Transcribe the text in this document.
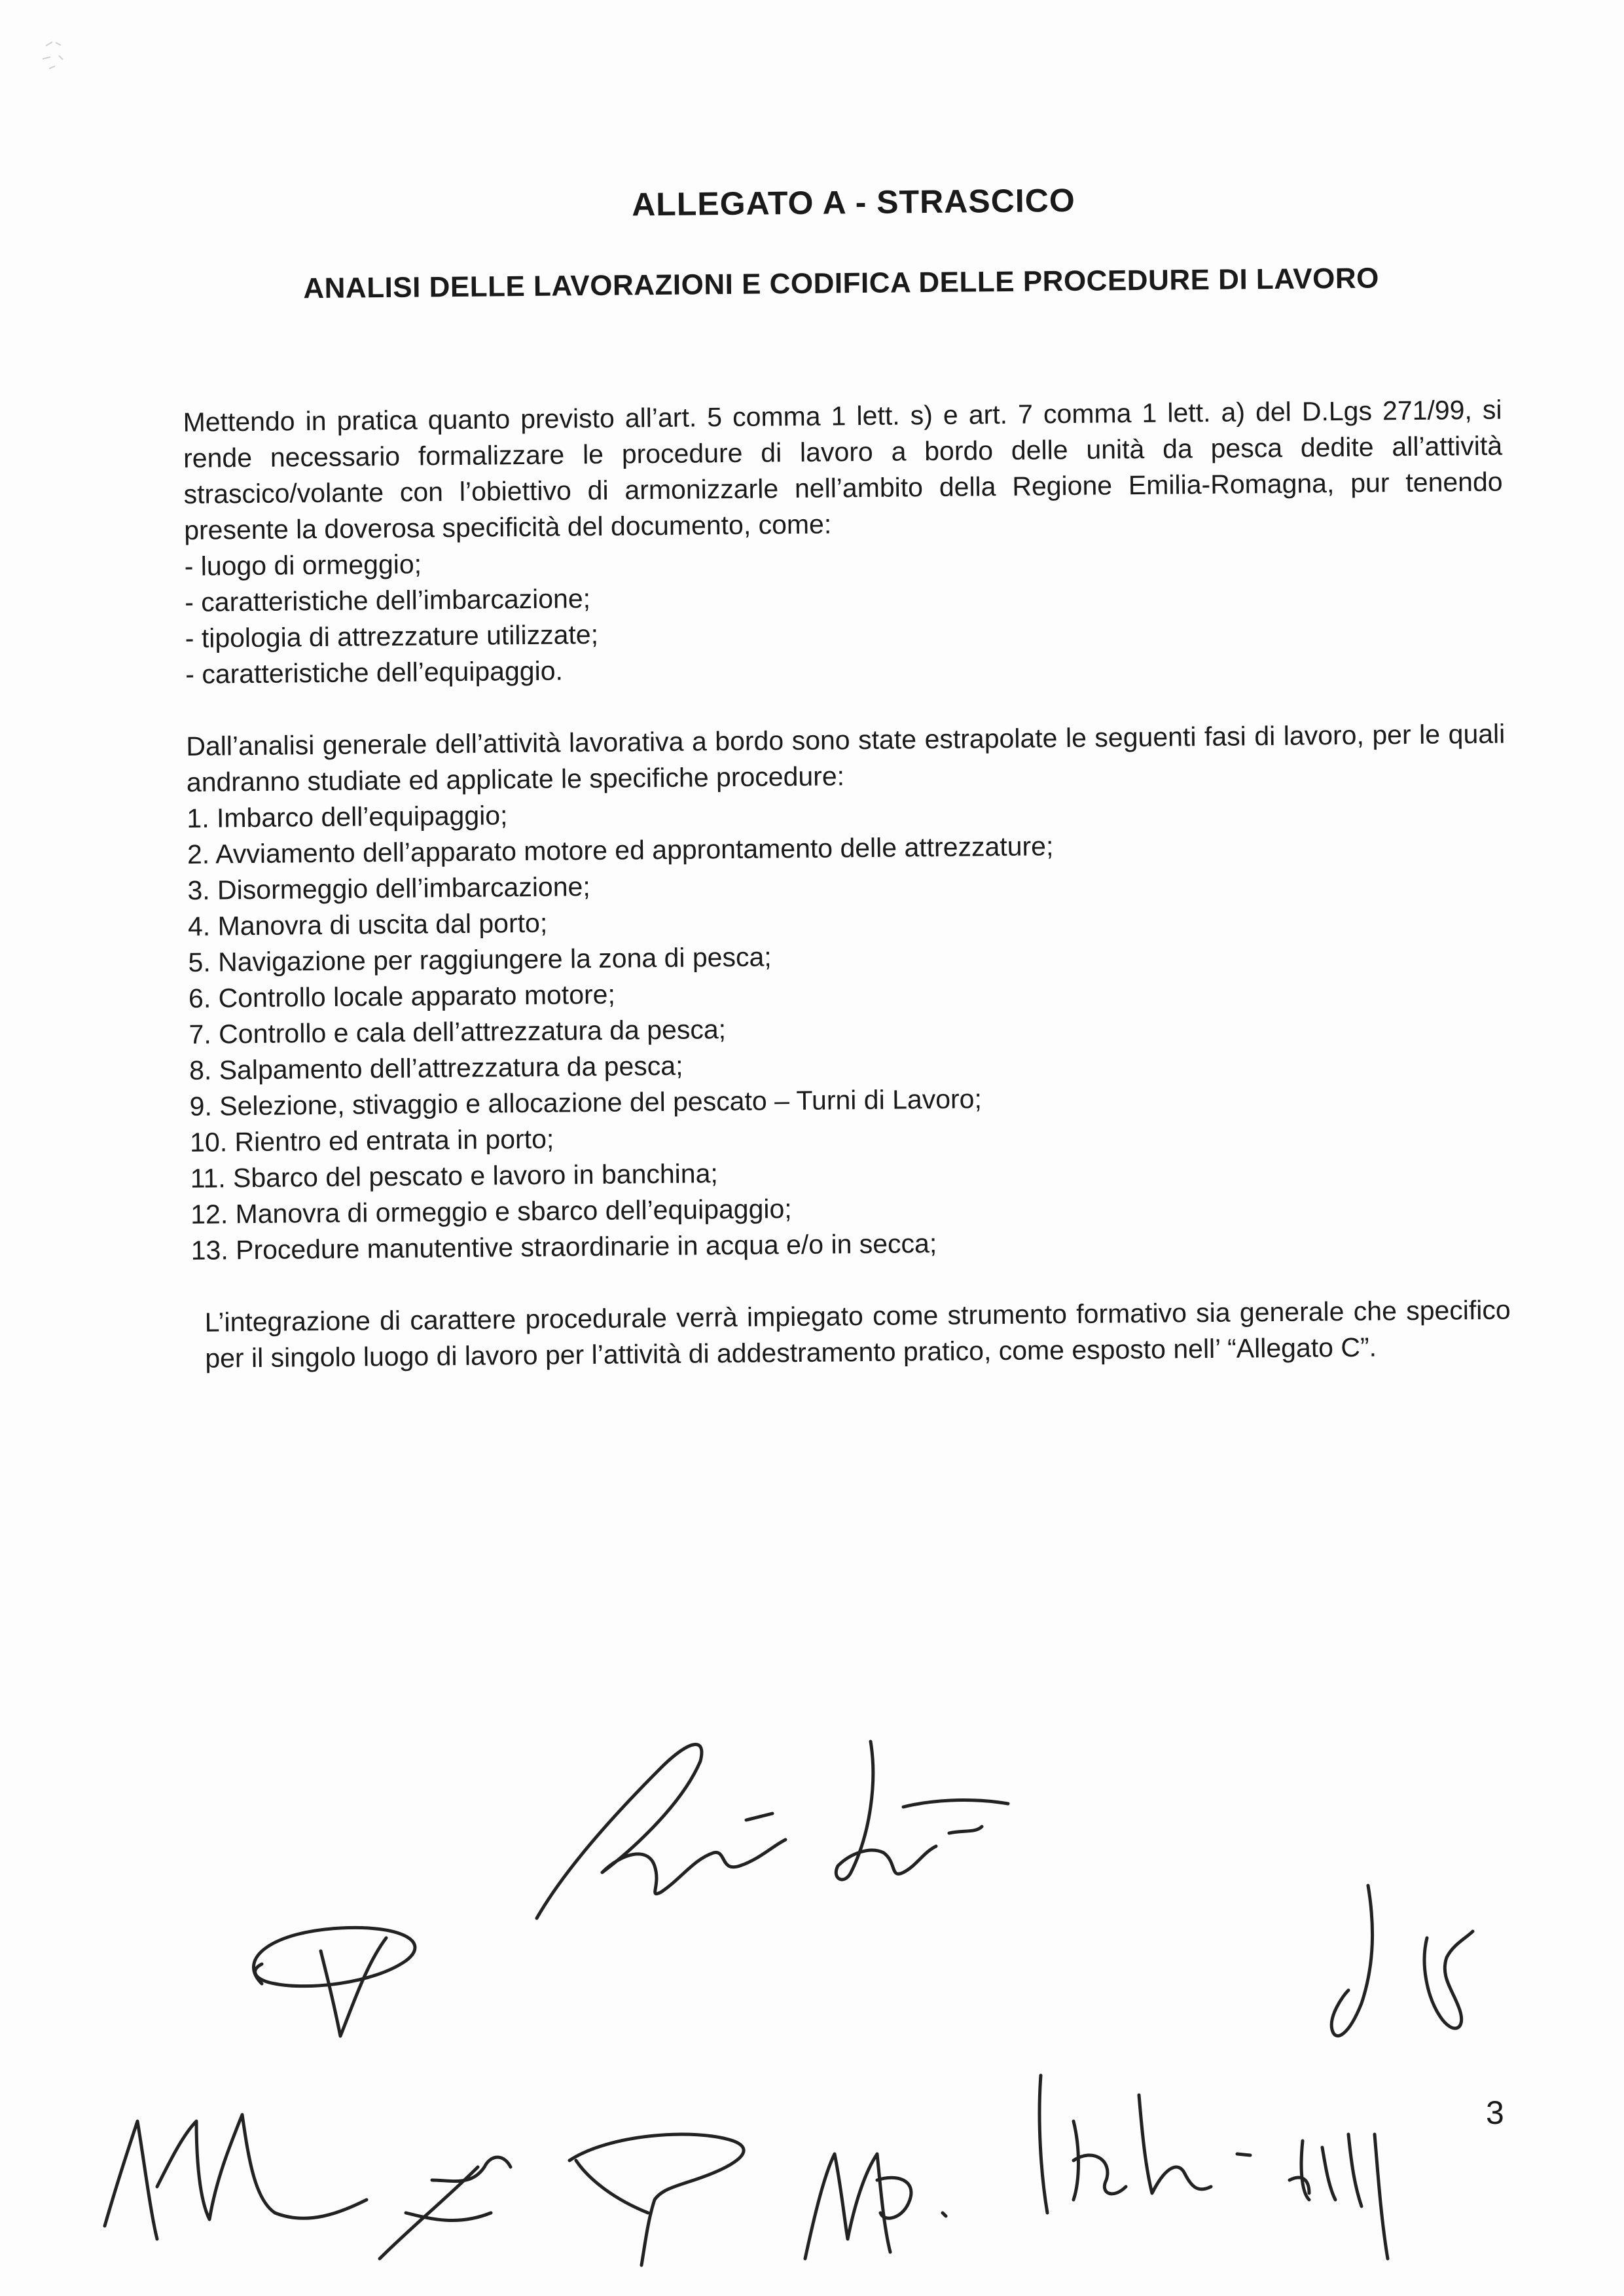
ALLEGATO A - STRASCICO
ANALISI DELLE LAVORAZIONI E CODIFICA DELLE PROCEDURE DI LAVORO

Mettendo in pratica quanto previsto all’art. 5 comma 1 lett. s) e art. 7 comma 1 lett. a) del D.Lgs 271/99, si rende necessario formalizzare le procedure di lavoro a bordo delle unità da pesca dedite all’attività strascico/volante con l’obiettivo di armonizzarle nell’ambito della Regione Emilia-Romagna, pur tenendo presente la doverosa specificità del documento, come:

- luogo di ormeggio;
- caratteristiche dell’imbarcazione;
- tipologia di attrezzature utilizzate;
- caratteristiche dell’equipaggio.

Dall’analisi generale dell’attività lavorativa a bordo sono state estrapolate le seguenti fasi di lavoro, per le quali andranno studiate ed applicate le specifiche procedure:

1. Imbarco dell’equipaggio;
2. Avviamento dell’apparato motore ed approntamento delle attrezzature;
3. Disormeggio dell’imbarcazione;
4. Manovra di uscita dal porto;
5. Navigazione per raggiungere la zona di pesca;
6. Controllo locale apparato motore;
7. Controllo e cala dell’attrezzatura da pesca;
8. Salpamento dell’attrezzatura da pesca;
9. Selezione, stivaggio e allocazione del pescato – Turni di Lavoro;
10. Rientro ed entrata in porto;
11. Sbarco del pescato e lavoro in banchina;
12. Manovra di ormeggio e sbarco dell’equipaggio;
13. Procedure manutentive straordinarie in acqua e/o in secca;

L’integrazione di carattere procedurale verrà impiegato come strumento formativo sia generale che specifico per il singolo luogo di lavoro per l’attività di addestramento pratico, come esposto nell’ “Allegato C”.

3
